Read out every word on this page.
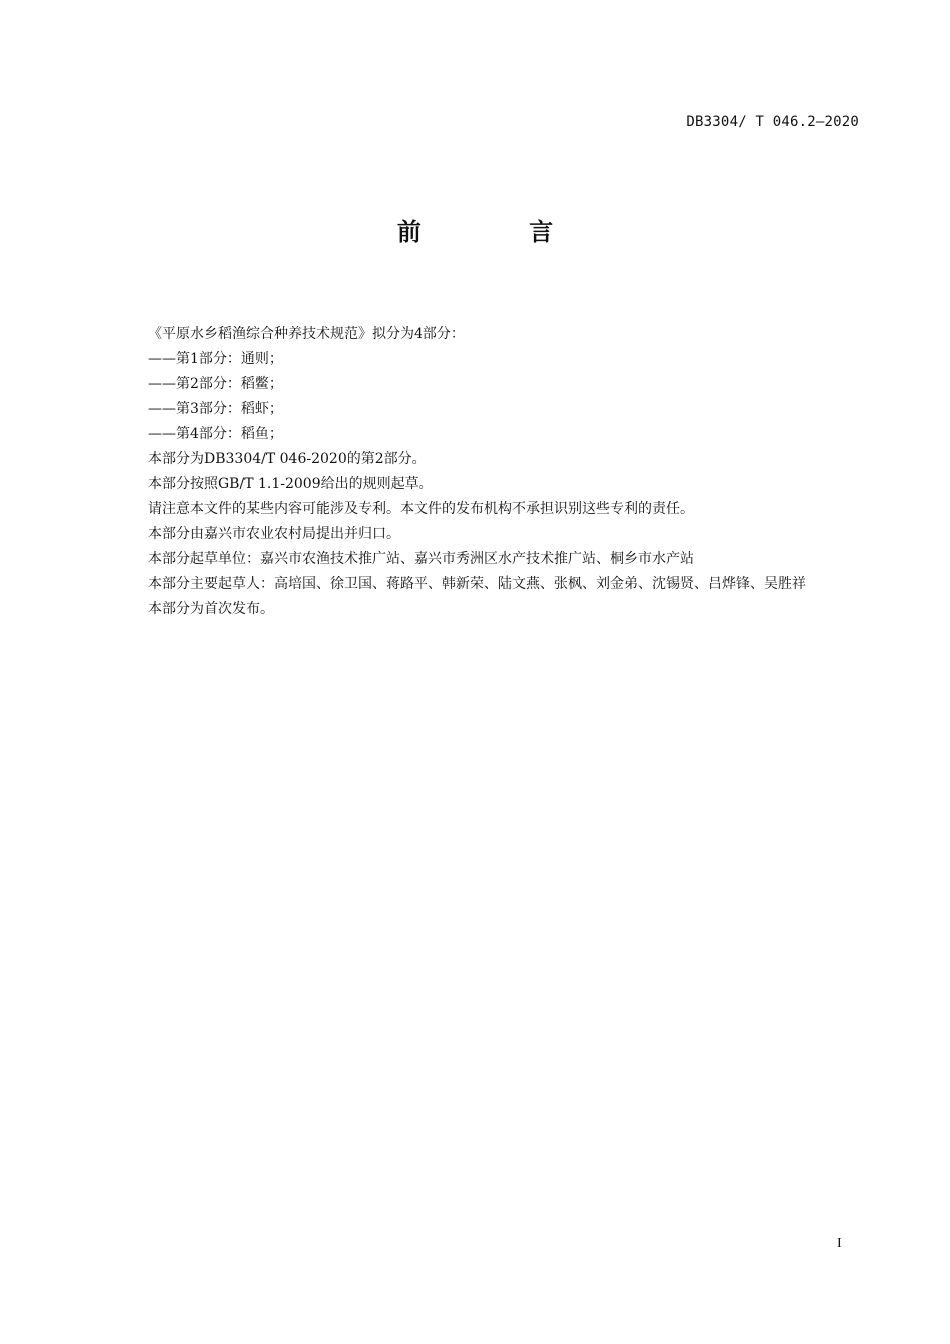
DB3304/ T 046.2—2020
前 言

《平原水乡稻渔综合种养技术规范》拟分为4部分：

——第1部分：通则；

——第2部分：稻鳖；

——第3部分：稻虾；

——第4部分：稻鱼；

本部分为DB3304/T 046-2020的第2部分。

本部分按照GB/T 1.1-2009给出的规则起草。

请注意本文件的某些内容可能涉及专利。本文件的发布机构不承担识别这些专利的责任。

本部分由嘉兴市农业农村局提出并归口。

本部分起草单位：嘉兴市农渔技术推广站、嘉兴市秀洲区水产技术推广站、桐乡市水产站

本部分主要起草人：高培国、徐卫国、蒋路平、韩新荣、陆文燕、张枫、刘金弟、沈锡贤、吕烨锋、吴胜祥

本部分为首次发布。

I
